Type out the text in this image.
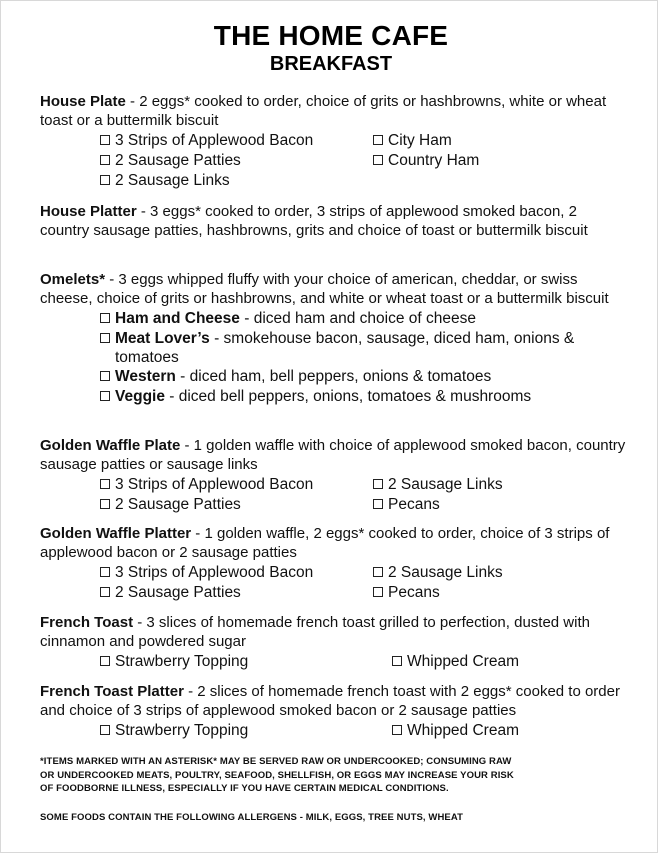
THE HOME CAFE
BREAKFAST

House Plate - 2 eggs* cooked to order, choice of grits or hashbrowns, white or wheat toast or a buttermilk biscuit

3 Strips of Applewood Bacon
2 Sausage Patties
2 Sausage Links
City Ham
Country Ham

House Platter - 3 eggs* cooked to order, 3 strips of applewood smoked bacon, 2 country sausage patties, hashbrowns, grits and choice of toast or buttermilk biscuit

Omelets* - 3 eggs whipped fluffy with your choice of american, cheddar, or swiss cheese, choice of grits or hashbrowns, and white or wheat toast or a buttermilk biscuit

Ham and Cheese - diced ham and choice of cheese
Meat Lover’s - smokehouse bacon, sausage, diced ham, onions & tomatoes
Western - diced ham, bell peppers, onions & tomatoes
Veggie - diced bell peppers, onions, tomatoes & mushrooms

Golden Waffle Plate - 1 golden waffle with choice of applewood smoked bacon, country sausage patties or sausage links

3 Strips of Applewood Bacon
2 Sausage Patties
2 Sausage Links
Pecans

Golden Waffle Platter - 1 golden waffle, 2 eggs* cooked to order, choice of 3 strips of applewood bacon or 2 sausage patties

3 Strips of Applewood Bacon
2 Sausage Patties
2 Sausage Links
Pecans

French Toast - 3 slices of homemade french toast grilled to perfection, dusted with cinnamon and powdered sugar

Strawberry Topping	Whipped Cream

French Toast Platter - 2 slices of homemade french toast with 2 eggs* cooked to order and choice of 3 strips of applewood smoked bacon or 2 sausage patties

Strawberry Topping	Whipped Cream
*ITEMS MARKED WITH AN ASTERISK* MAY BE SERVED RAW OR UNDERCOOKED; CONSUMING RAW
OR UNDERCOOKED MEATS, POULTRY, SEAFOOD, SHELLFISH, OR EGGS MAY INCREASE YOUR RISK
OF FOODBORNE ILLNESS, ESPECIALLY IF YOU HAVE CERTAIN MEDICAL CONDITIONS.
SOME FOODS CONTAIN THE FOLLOWING ALLERGENS - MILK, EGGS, TREE NUTS, WHEAT
